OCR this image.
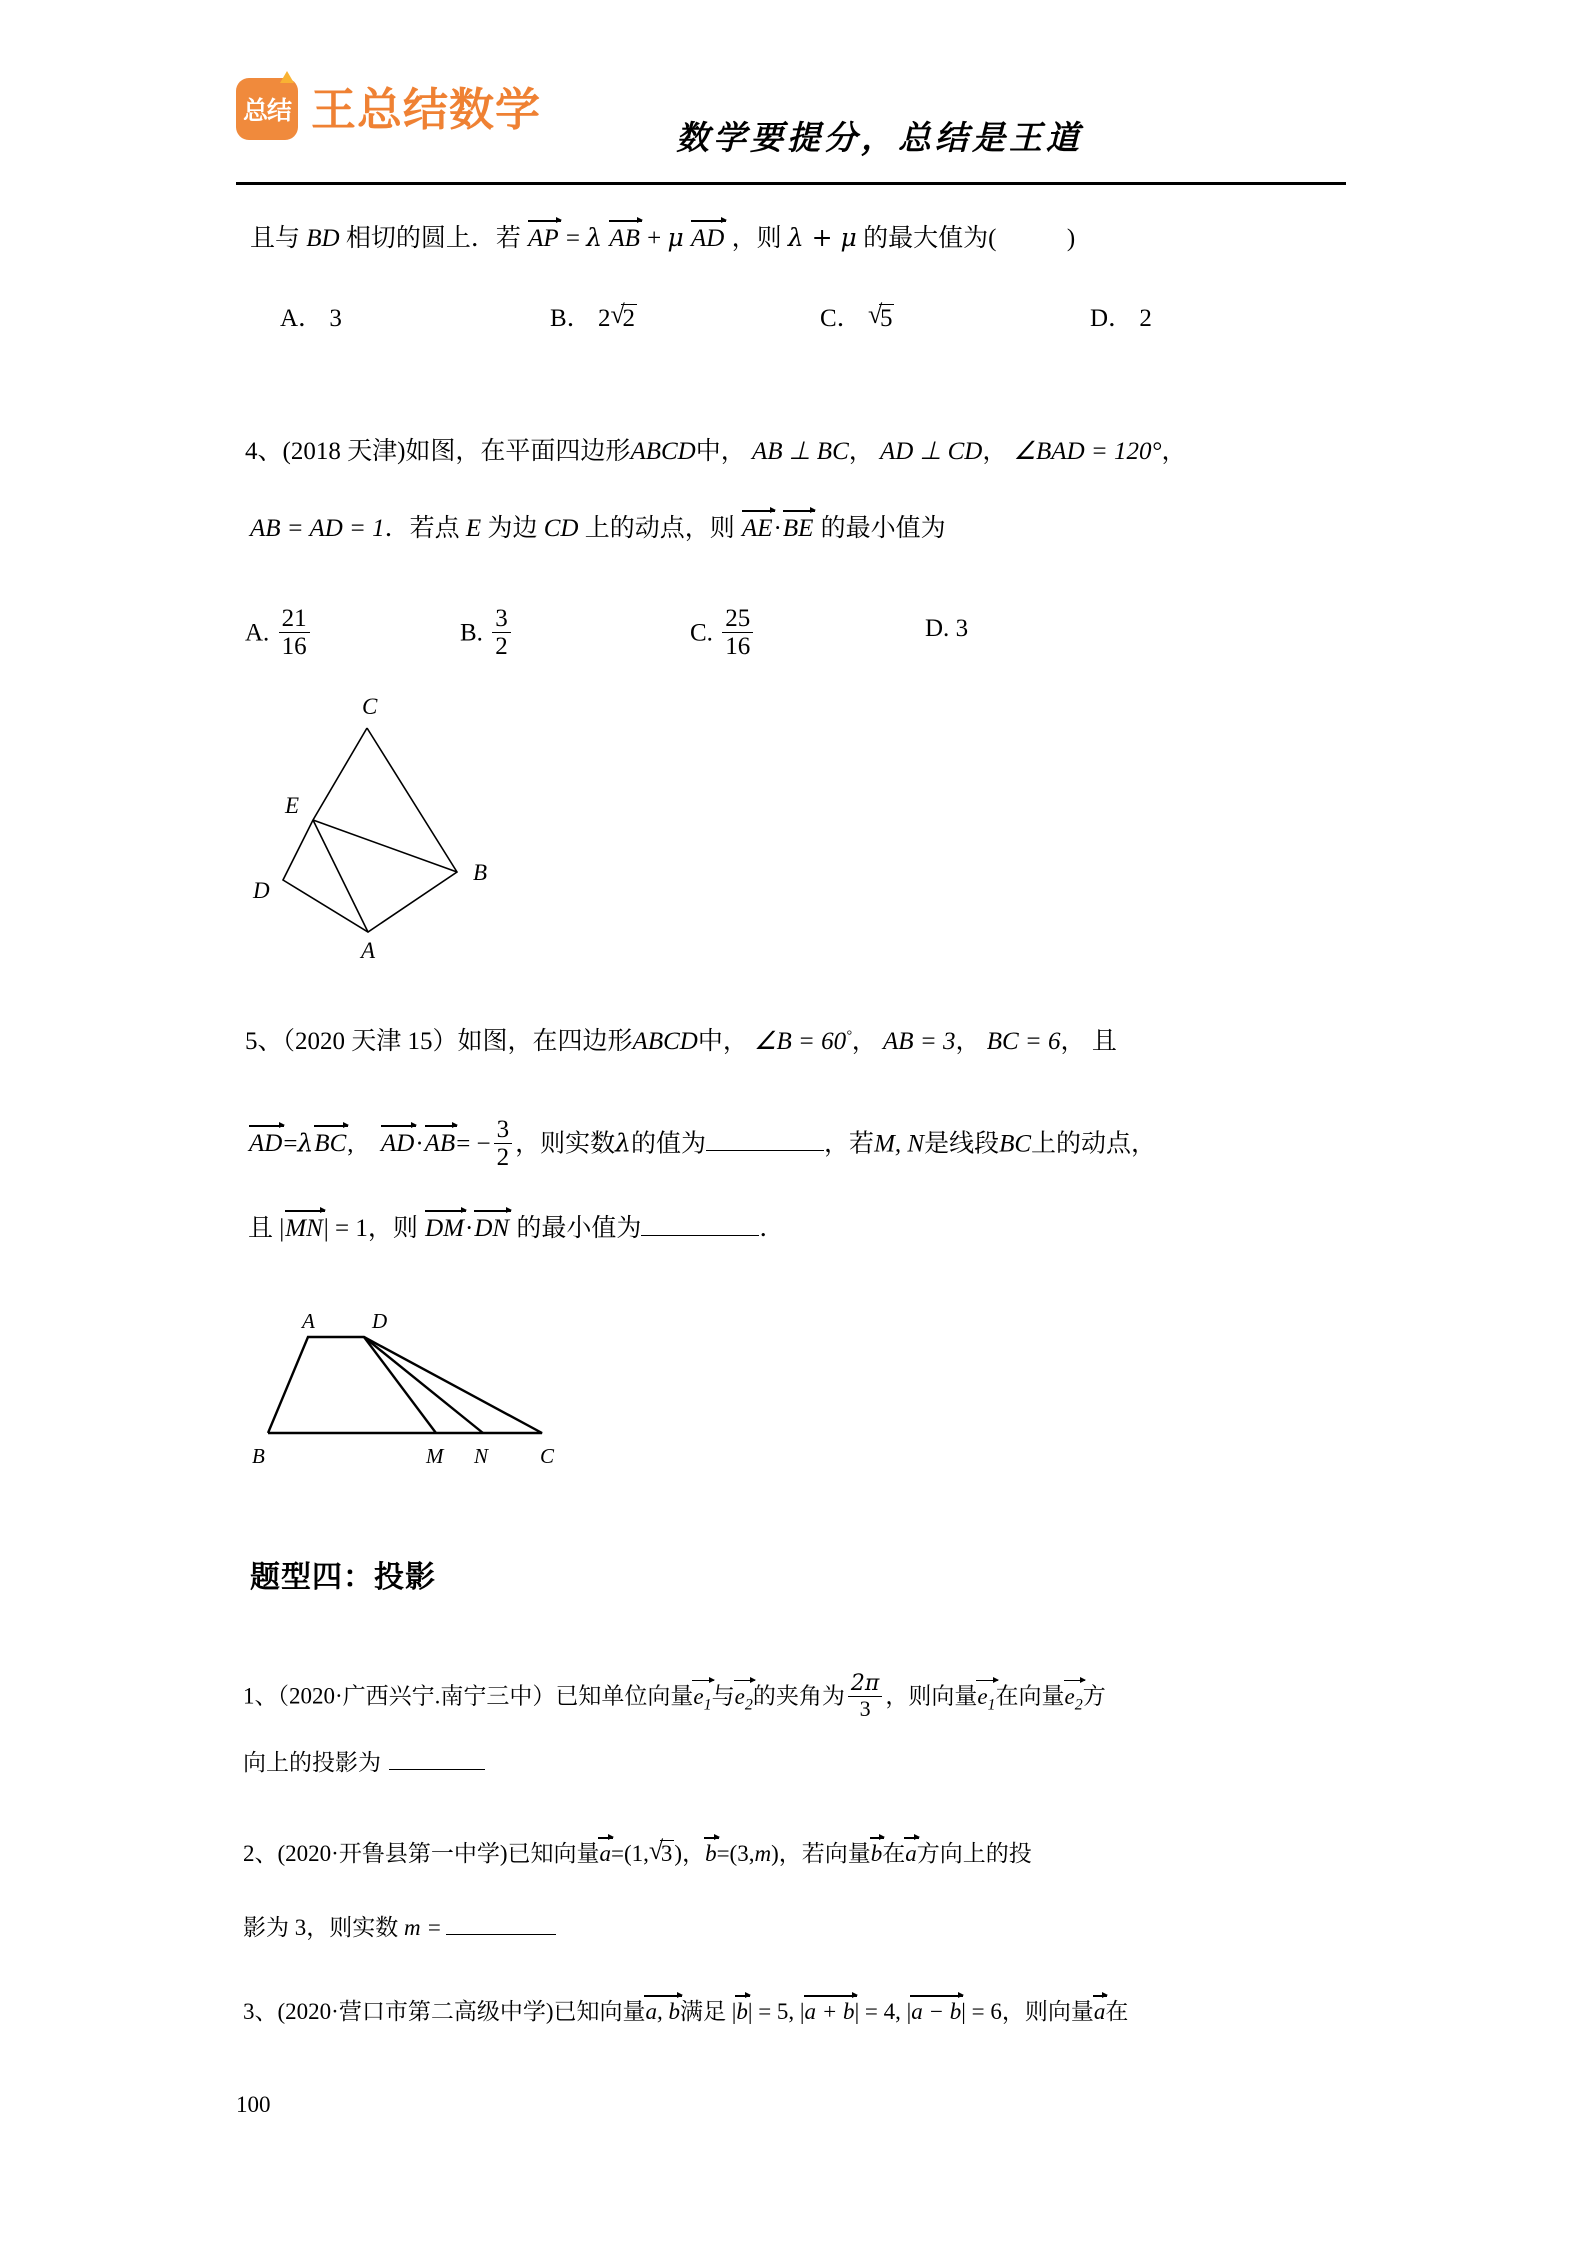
总结 王总结数学
数学要提分，总结是王道
且与 BD 相切的圆上．若 AP = λ AB + μ AD ，则 λ + μ 的最大值为(	)
A． 3	B． 2 √ 2	C． √ 5	D． 2
4、(2018 天津)如图，在平面四边形ABCD中， AB ⊥ BC， AD ⊥ CD， ∠BAD = 120°，
AB = AD = 1．若点 E 为边 CD 上的动点，则 AE·BE 的最小值为
A. $\frac{21}{16}$	B. $\frac{3}{2}$	C. $\frac{25}{16}$	D. 3
C
E
D
B
A
5、（2020 天津 15）如图，在四边形ABCD中， ∠B = 60°， AB = 3， BC = 6， 且
AD=λBC, $AD\cdot AB= - \frac{3}{2}$ ，则实数λ的值为	，若M, N是线段BC上的动点，
且 |MN| = 1，则 DM·DN 的最小值为	．
A	D
B	M N C
题型四：投影
1、（2020·广西兴宁.南宁三中）已知单位向量$e_1$与$e_2$的夹角为 $\frac{2\pi}{3}$ ，则向量$e_1$在向量$e_2$方
向上的投影为
2、(2020·开鲁县第一中学)已知向量a=(1, √ 3)，b=(3,m)，若向量b在a方向上的投
影为 3，则实数 m =
3、(2020·营口市第二高级中学)已知向量a, b满足 |b| = 5, |a + b| = 4, |a − b| = 6，则向量a在
100
